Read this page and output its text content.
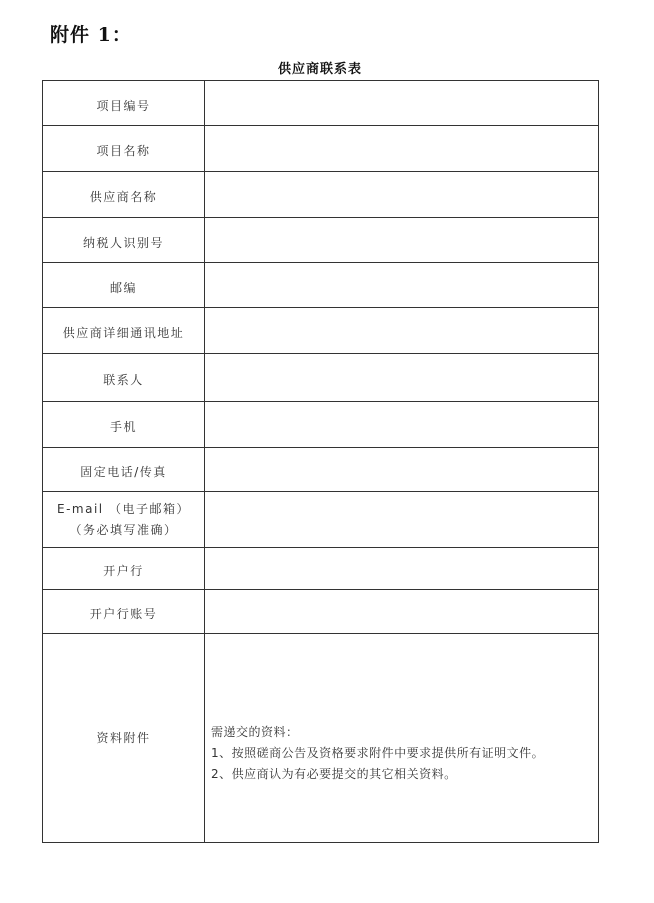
附件 1：
供应商联系表
项目编号	

项目名称	

供应商名称	

纳税人识别号	

邮编	

供应商详细通讯地址	

联系人	

手机	

固定电话/传真	

E-mail （电子邮箱）
（务必填写准确）	

开户行	

开户行账号	

资料附件	需递交的资料：
1、按照磋商公告及资格要求附件中要求提供所有证明文件。
2、供应商认为有必要提交的其它相关资料。
